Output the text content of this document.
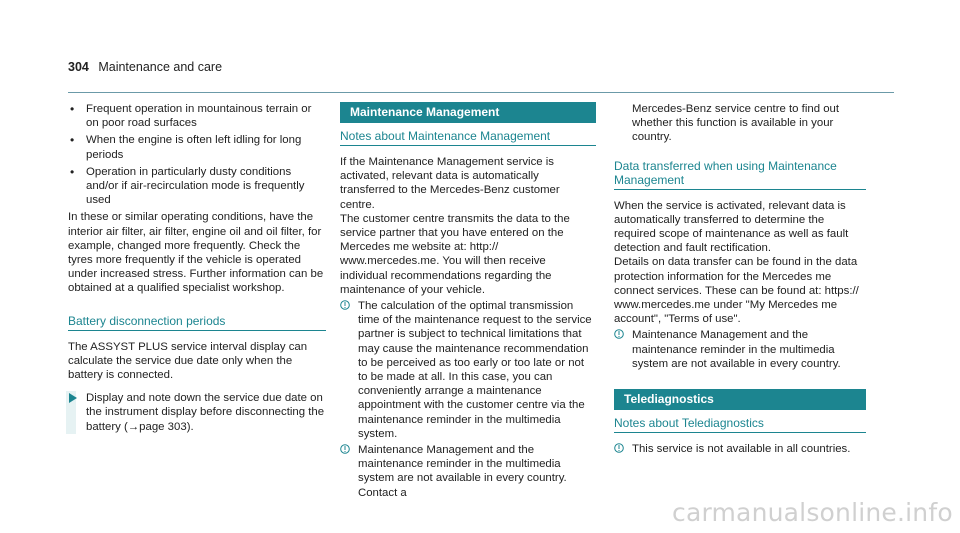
304 Maintenance and care
• Frequent operation in mountainous terrain or on poor road surfaces
• When the engine is often left idling for long periods
• Operation in particularly dusty conditions and/or if air-recirculation mode is frequently used

In these or similar operating conditions, have the interior air filter, air filter, engine oil and oil filter, for example, changed more frequently. Check the tyres more frequently if the vehicle is operated under increased stress. Further information can be obtained at a qualified specialist workshop.

Battery disconnection periods

The ASSYST PLUS service interval display can calculate the service due date only when the battery is connected.

Display and note down the service due date on the instrument display before disconnecting the battery (→page 303).
Maintenance Management
Notes about Maintenance Management

If the Maintenance Management service is activated, relevant data is automatically transferred to the Mercedes-Benz customer centre.

The customer centre transmits the data to the service partner that you have entered on the Mercedes me website at: http:// www.mercedes.me. You will then receive individual recommendations regarding the maintenance of your vehicle.

The calculation of the optimal transmission time of the maintenance request to the service partner is subject to technical limitations that may cause the maintenance recommendation to be perceived as too early or too late or not to be made at all. In this case, you can conveniently arrange a maintenance appointment with the customer centre via the maintenance reminder in the multimedia system.
Maintenance Management and the maintenance reminder in the multimedia system are not available in every country. Contact a

Mercedes-Benz service centre to find out whether this function is available in your country.

Data transferred when using Maintenance Management

When the service is activated, relevant data is automatically transferred to determine the required scope of maintenance as well as fault detection and fault rectification.

Details on data transfer can be found in the data protection information for the Mercedes me connect services. These can be found at: https:// www.mercedes.me under "My Mercedes me account", "Terms of use".

Maintenance Management and the maintenance reminder in the multimedia system are not available in every country.
Telediagnostics
Notes about Telediagnostics
This service is not available in all countries.
carmanualsonline.info
